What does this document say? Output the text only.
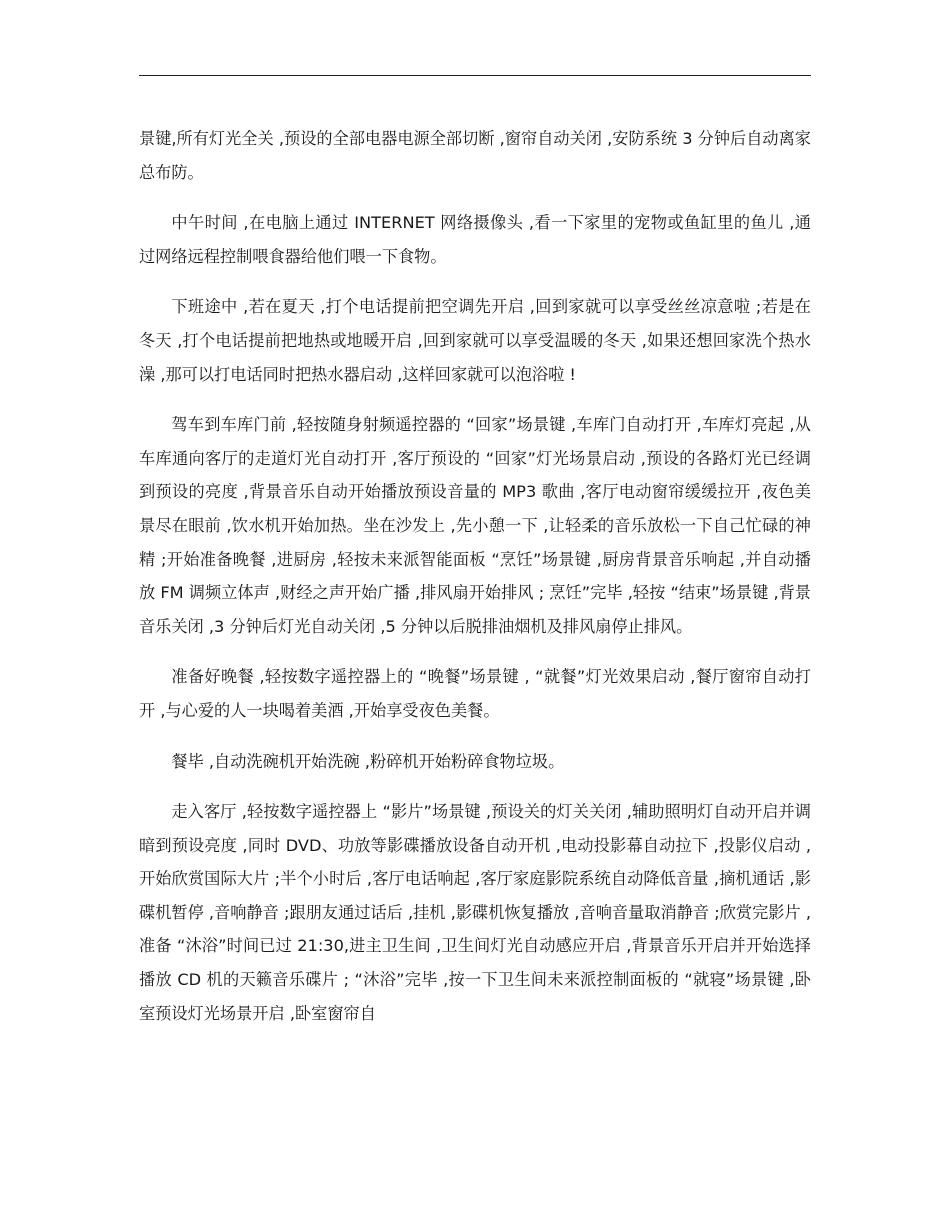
景键,所有灯光全关 ,预设的全部电器电源全部切断 ,窗帘自动关闭 ,安防系统 3 分钟后自动离家总布防。

中午时间 ,在电脑上通过 INTERNET 网络摄像头 ,看一下家里的宠物或鱼缸里的鱼儿 ,通过网络远程控制喂食器给他们喂一下食物。

下班途中 ,若在夏天 ,打个电话提前把空调先开启 ,回到家就可以享受丝丝凉意啦 ;若是在冬天 ,打个电话提前把地热或地暖开启 ,回到家就可以享受温暖的冬天 ,如果还想回家洗个热水澡 ,那可以打电话同时把热水器启动 ,这样回家就可以泡浴啦 !

驾车到车库门前 ,轻按随身射频遥控器的 “回家”场景键 ,车库门自动打开 ,车库灯亮起 ,从车库通向客厅的走道灯光自动打开 ,客厅预设的 “回家”灯光场景启动 ,预设的各路灯光已经调到预设的亮度 ,背景音乐自动开始播放预设音量的 MP3 歌曲 ,客厅电动窗帘缓缓拉开 ,夜色美景尽在眼前 ,饮水机开始加热。坐在沙发上 ,先小憩一下 ,让轻柔的音乐放松一下自己忙碌的神精 ;开始准备晚餐 ,进厨房 ,轻按未来派智能面板 “烹饪”场景键 ,厨房背景音乐响起 ,并自动播放 FM 调频立体声 ,财经之声开始广播 ,排风扇开始排风 ; 烹饪”完毕 ,轻按 “结束”场景键 ,背景音乐关闭 ,3 分钟后灯光自动关闭 ,5 分钟以后脱排油烟机及排风扇停止排风。

准备好晚餐 ,轻按数字遥控器上的 “晚餐”场景键 , “就餐”灯光效果启动 ,餐厅窗帘自动打开 ,与心爱的人一块喝着美酒 ,开始享受夜色美餐。

餐毕 ,自动洗碗机开始洗碗 ,粉碎机开始粉碎食物垃圾。

走入客厅 ,轻按数字遥控器上 “影片”场景键 ,预设关的灯关关闭 ,辅助照明灯自动开启并调暗到预设亮度 ,同时 DVD、功放等影碟播放设备自动开机 ,电动投影幕自动拉下 ,投影仪启动 ,开始欣赏国际大片 ;半个小时后 ,客厅电话响起 ,客厅家庭影院系统自动降低音量 ,摘机通话 ,影碟机暂停 ,音响静音 ;跟朋友通过话后 ,挂机 ,影碟机恢复播放 ,音响音量取消静音 ;欣赏完影片 ,准备 “沐浴”时间已过 21:30,进主卫生间 ,卫生间灯光自动感应开启 ,背景音乐开启并开始选择播放 CD 机的天籁音乐碟片 ; “沐浴”完毕 ,按一下卫生间未来派控制面板的 “就寝”场景键 ,卧室预设灯光场景开启 ,卧室窗帘自
